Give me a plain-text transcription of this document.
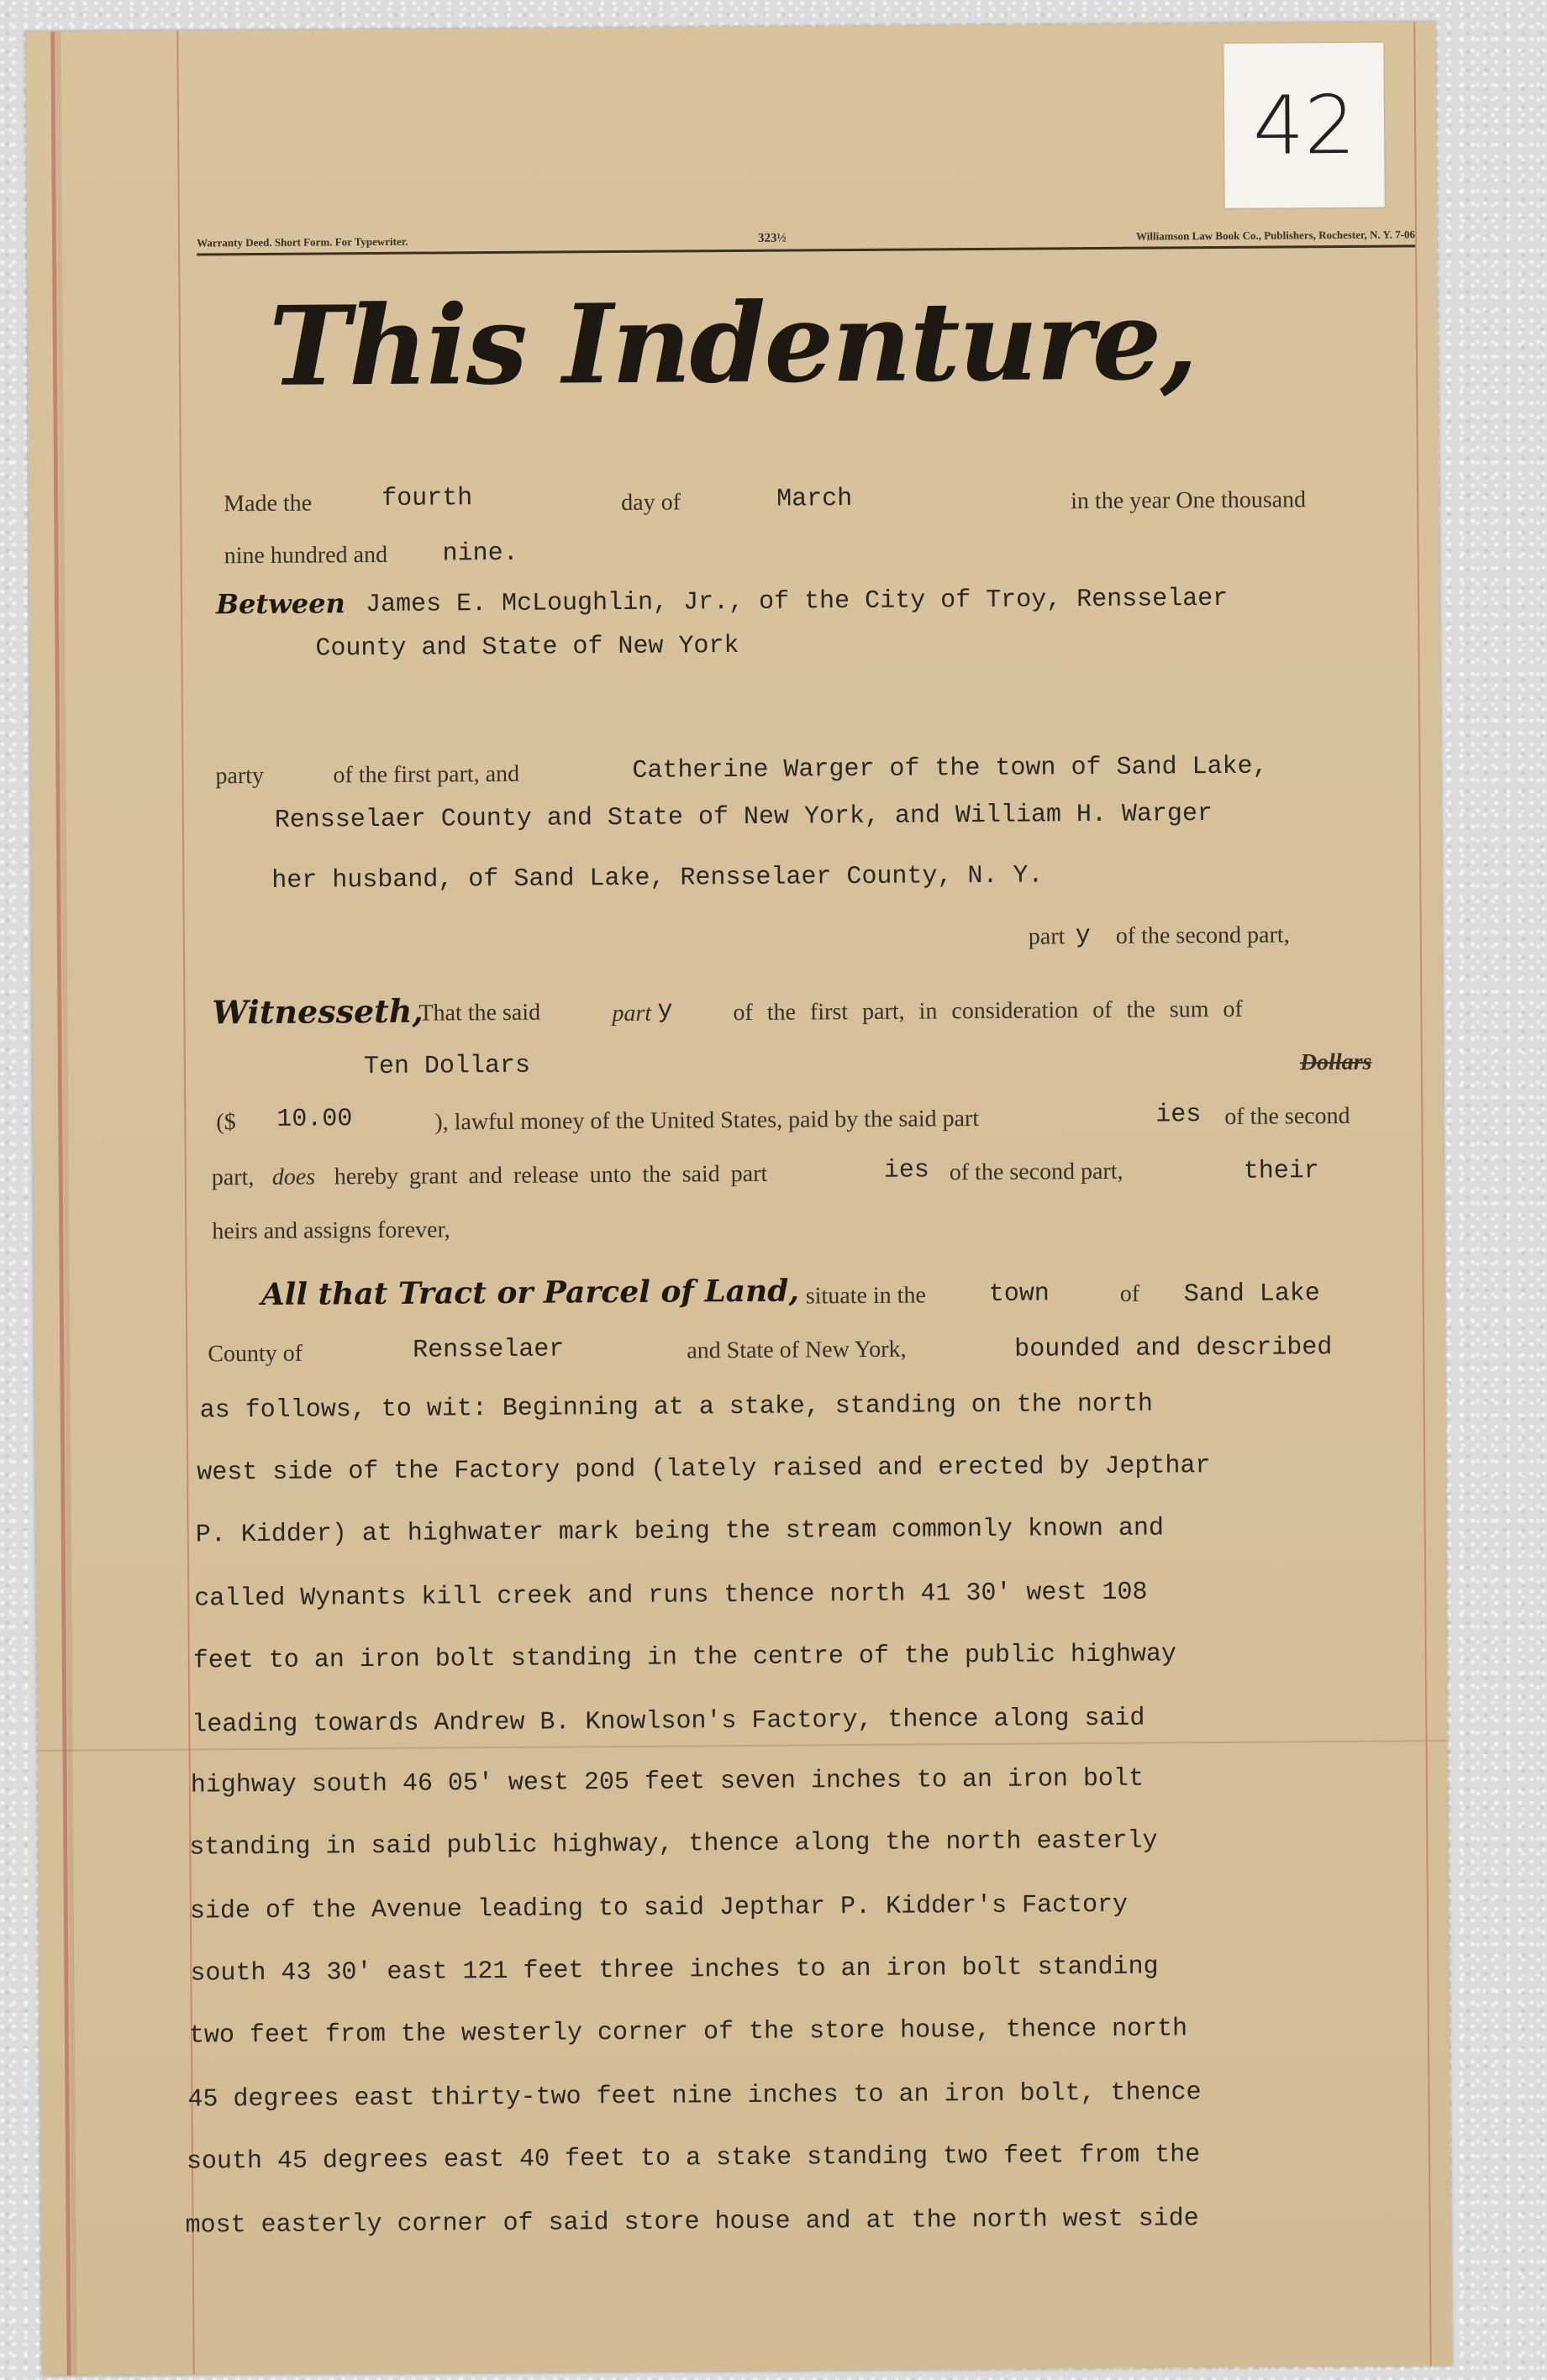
42
Warranty Deed. Short Form. For Typewriter.	323½	Williamson Law Book Co., Publishers, Rochester, N. Y. 7-06
This Indenture,
Made the	fourth	day of	March	in the year One thousand
nine hundred and nine.
Between James E. McLoughlin, Jr., of the City of Troy, Rensselaer
County and State of New York
party	of the first part, and	Catherine Warger of the town of Sand Lake,
Rensselaer County and State of New York, and William H. Warger
her husband, of Sand Lake, Rensselaer County, N. Y.
part y of the second part,
Witnesseth,
That the said	part y	of the first part, in consideration of the sum of
Ten Dollars	Dollars
($ 10.00	), lawful money of the United States, paid by the said part	ies of the second
part, does hereby grant and release unto the said part	ies of the second part,	their
heirs and assigns forever,
All that Tract or Parcel of Land, situate in the town	of Sand Lake
County of	Rensselaer	and State of New York,	bounded and described
as follows, to wit: Beginning at a stake, standing on the north
west side of the Factory pond (lately raised and erected by Jepthar
P. Kidder) at highwater mark being the stream commonly known and
called Wynants kill creek and runs thence north 41 30' west 108
feet to an iron bolt standing in the centre of the public highway
leading towards Andrew B. Knowlson's Factory, thence along said
highway south 46 05' west 205 feet seven inches to an iron bolt
standing in said public highway, thence along the north easterly
side of the Avenue leading to said Jepthar P. Kidder's Factory
south 43 30' east 121 feet three inches to an iron bolt standing
two feet from the westerly corner of the store house, thence north
45 degrees east thirty-two feet nine inches to an iron bolt, thence
south 45 degrees east 40 feet to a stake standing two feet from the
most easterly corner of said store house and at the north west side
